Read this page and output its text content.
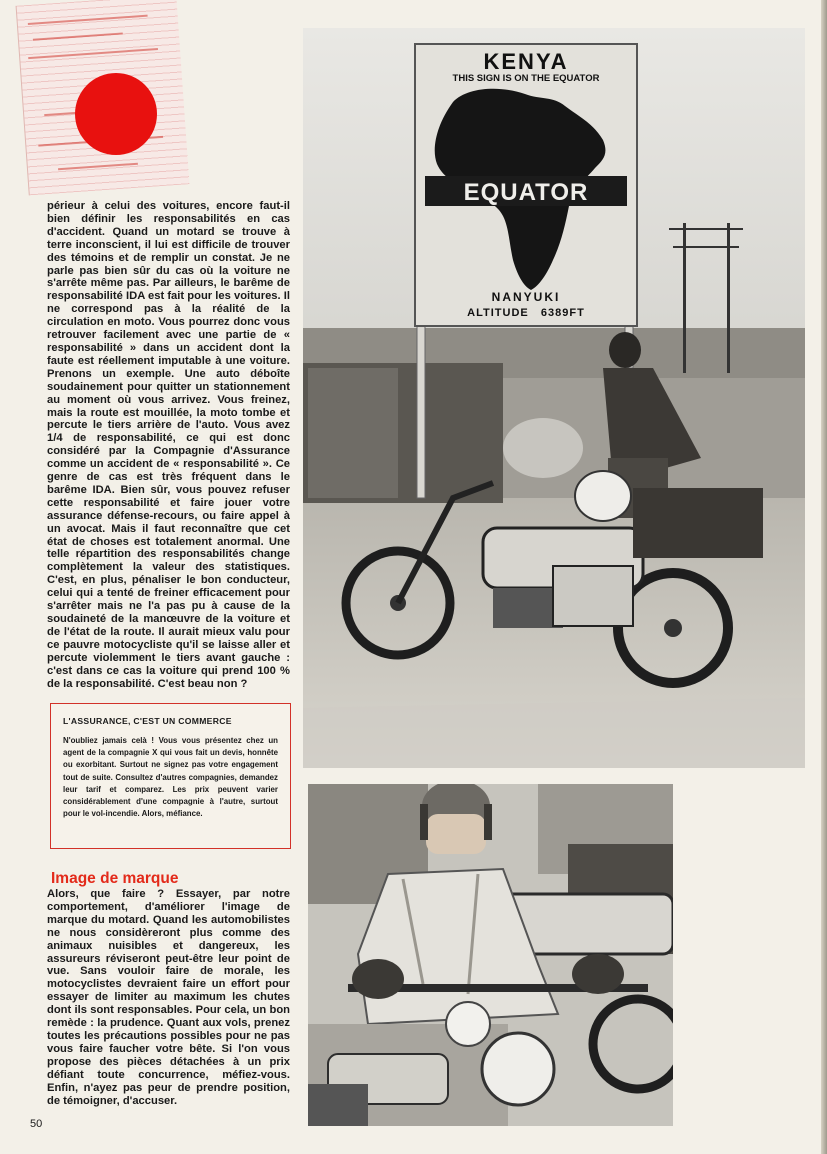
périeur à celui des voitures, encore faut-il bien définir les responsabilités en cas d'accident. Quand un motard se trouve à terre inconscient, il lui est difficile de trouver des témoins et de remplir un constat. Je ne parle pas bien sûr du cas où la voiture ne s'arrête même pas. Par ailleurs, le barême de responsabilité IDA est fait pour les voitures. Il ne correspond pas à la réalité de la circulation en moto. Vous pourrez donc vous retrouver facilement avec une partie de « responsabilité » dans un accident dont la faute est réellement imputable à une voiture. Prenons un exemple. Une auto déboîte soudainement pour quitter un stationnement au moment où vous arrivez. Vous freinez, mais la route est mouillée, la moto tombe et percute le tiers arrière de l'auto. Vous avez 1/4 de responsabilité, ce qui est donc considéré par la Compagnie d'Assurance comme un accident de « responsabilité ». Ce genre de cas est très fréquent dans le barême IDA. Bien sûr, vous pouvez refuser cette responsabilité et faire jouer votre assurance défense-recours, ou faire appel à un avocat. Mais il faut reconnaître que cet état de choses est totalement anormal. Une telle répartition des responsabilités change complètement la valeur des statistiques. C'est, en plus, pénaliser le bon conducteur, celui qui a tenté de freiner efficacement pour s'arrêter mais ne l'a pas pu à cause de la soudaineté de la manœuvre de la voiture et de l'état de la route. Il aurait mieux valu pour ce pauvre motocycliste qu'il se laisse aller et percute violemment le tiers avant gauche : c'est dans ce cas la voiture qui prend 100 % de la responsabilité. C'est beau non ?

L'ASSURANCE, C'EST UN COMMERCE

N'oubliez jamais celà ! Vous vous présentez chez un agent de la compagnie X qui vous fait un devis, honnête ou exorbitant. Surtout ne signez pas votre engagement tout de suite. Consultez d'autres compagnies, demandez leur tarif et comparez. Les prix peuvent varier considérablement d'une compagnie à l'autre, surtout pour le vol-incendie. Alors, méfiance.

Image de marque

Alors, que faire ? Essayer, par notre comportement, d'améliorer l'image de marque du motard. Quand les automobilistes ne nous considèreront plus comme des animaux nuisibles et dangereux, les assureurs réviseront peut-être leur point de vue. Sans vouloir faire de morale, les motocyclistes devraient faire un effort pour essayer de limiter au maximum les chutes dont ils sont responsables. Pour cela, un bon remède : la prudence. Quant aux vols, prenez toutes les précautions possibles pour ne pas vous faire faucher votre bête. Si l'on vous propose des pièces détachées à un prix défiant toute concurrence, méfiez-vous. Enfin, n'ayez pas peur de prendre position, de témoigner, d'accuser.

50
KENYA
THIS SIGN IS ON THE EQUATOR
EQUATOR
NANYUKI
ALTITUDE   6389FT
